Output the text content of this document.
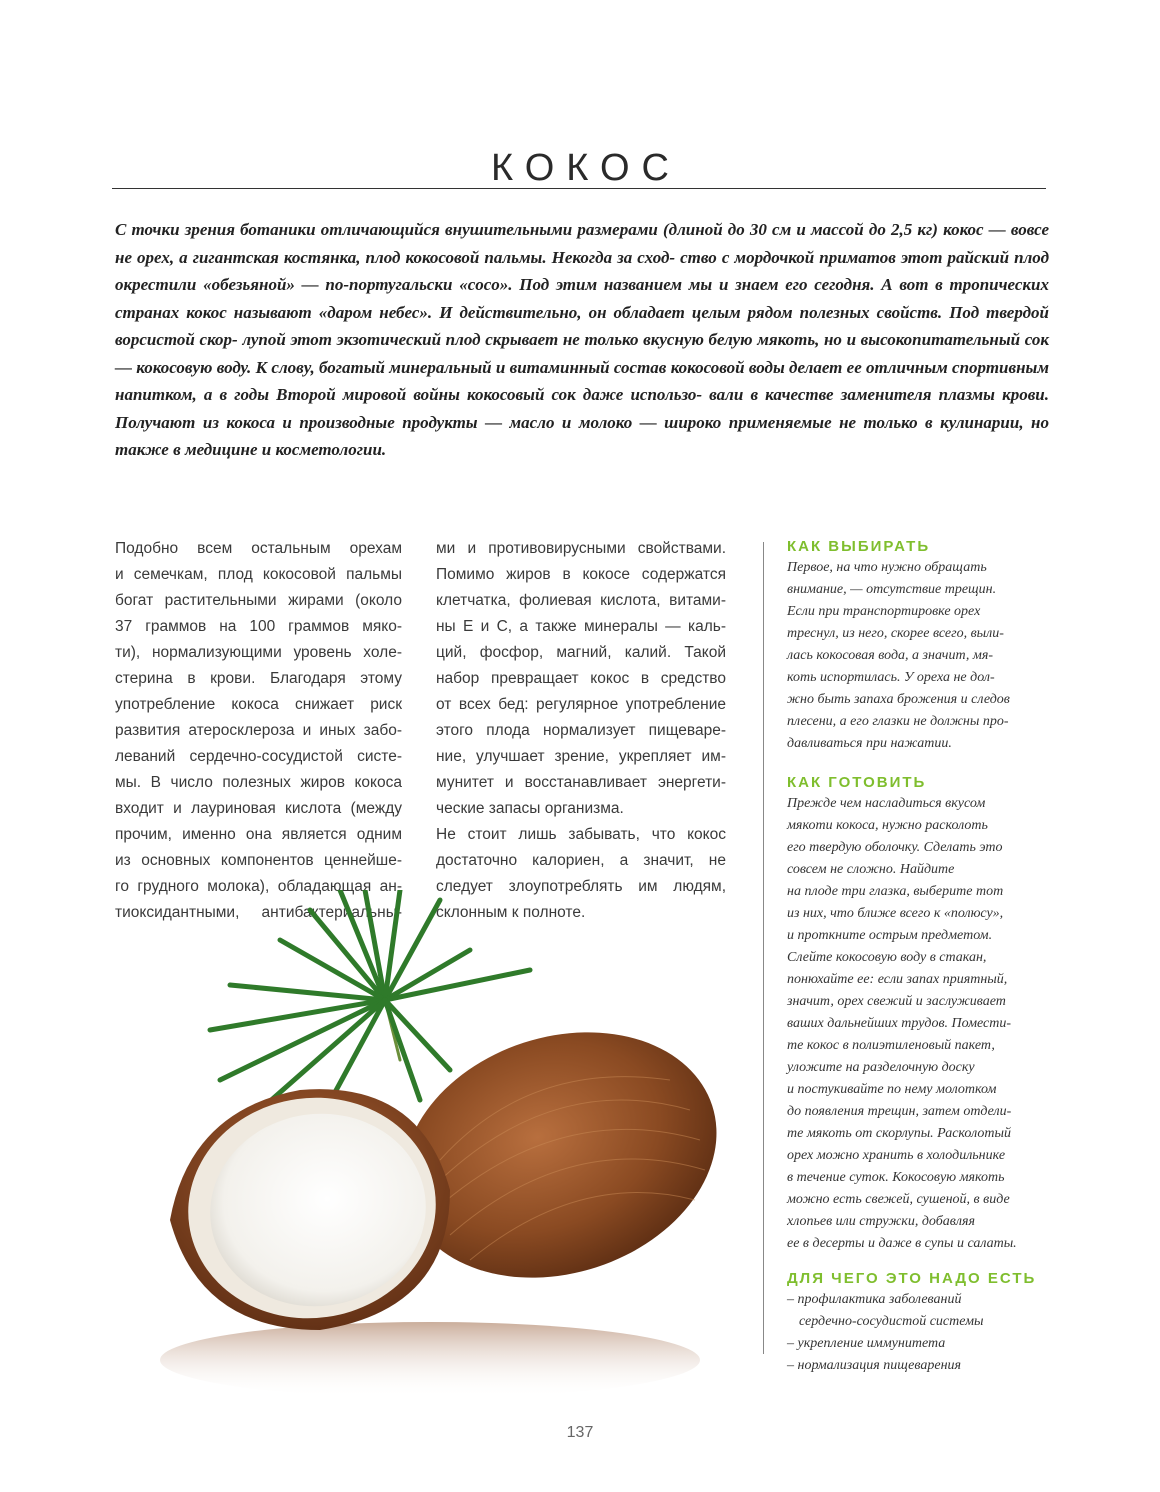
КОКОС

С точки зрения ботаники отличающийся внушительными размерами (длиной до 30 см и массой до 2,5 кг) кокос — вовсе не орех, а гигантская костянка, плод кокосовой пальмы. Некогда за сход- ство с мордочкой приматов этот райский плод окрестили «обезьяной» — по-португальски «coco». Под этим названием мы и знаем его сегодня. А вот в тропических странах кокос называют «даром небес». И действительно, он обладает целым рядом полезных свойств. Под твердой ворсистой скор- лупой этот экзотический плод скрывает не только вкусную белую мякоть, но и высокопитательный сок — кокосовую воду. К слову, богатый минеральный и витаминный состав кокосовой воды делает ее отличным спортивным напитком, а в годы Второй мировой войны кокосовый сок даже использо- вали в качестве заменителя плазмы крови. Получают из кокоса и производные продукты — масло и молоко — широко применяемые не только в кулинарии, но также в медицине и косметологии.

Подобно всем остальным орехам
и семечкам, плод кокосовой пальмы
богат растительными жирами (около
37 граммов на 100 граммов мяко-
ти), нормализующими уровень холе-
стерина в крови. Благодаря этому
употребление кокоса снижает риск
развития атеросклероза и иных забо-
леваний сердечно-сосудистой систе-
мы. В число полезных жиров кокоса
входит и лауриновая кислота (между
прочим, именно она является одним
из основных компонентов ценнейше-
го грудного молока), обладающая ан-
тиоксидантными, антибактериальны-
ми и противовирусными свойствами.
Помимо жиров в кокосе содержатся
клетчатка, фолиевая кислота, витами-
ны Е и С, а также минералы — каль-
ций, фосфор, магний, калий. Такой
набор превращает кокос в средство
от всех бед: регулярное употребление
этого плода нормализует пищеваре-
ние, улучшает зрение, укрепляет им-
мунитет и восстанавливает энергети-
ческие запасы организма.
Не стоит лишь забывать, что кокос
достаточно калориен, а значит, не
следует злоупотреблять им людям,
склонным к полноте.
КАК ВЫБИРАТЬ
Первое, на что нужно обращать
внимание, — отсутствие трещин.
Если при транспортировке орех
треснул, из него, скорее всего, выли-
лась кокосовая вода, а значит, мя-
коть испортилась. У ореха не дол-
жно быть запаха брожения и следов
плесени, а его глазки не должны про-
давливаться при нажатии.
КАК ГОТОВИТЬ
Прежде чем насладиться вкусом
мякоти кокоса, нужно расколоть
его твердую оболочку. Сделать это
совсем не сложно. Найдите
на плоде три глазка, выберите тот
из них, что ближе всего к «полюсу»,
и проткните острым предметом.
Слейте кокосовую воду в стакан,
понюхайте ее: если запах приятный,
значит, орех свежий и заслуживает
ваших дальнейших трудов. Помести-
те кокос в полиэтиленовый пакет,
уложите на разделочную доску
и постукивайте по нему молотком
до появления трещин, затем отдели-
те мякоть от скорлупы. Расколотый
орех можно хранить в холодильнике
в течение суток. Кокосовую мякоть
можно есть свежей, сушеной, в виде
хлопьев или стружки, добавляя
ее в десерты и даже в супы и салаты.
ДЛЯ ЧЕГО ЭТО НАДО ЕСТЬ
– профилактика заболеваний
сердечно-сосудистой системы
– укрепление иммунитета
– нормализация пищеварения
137
